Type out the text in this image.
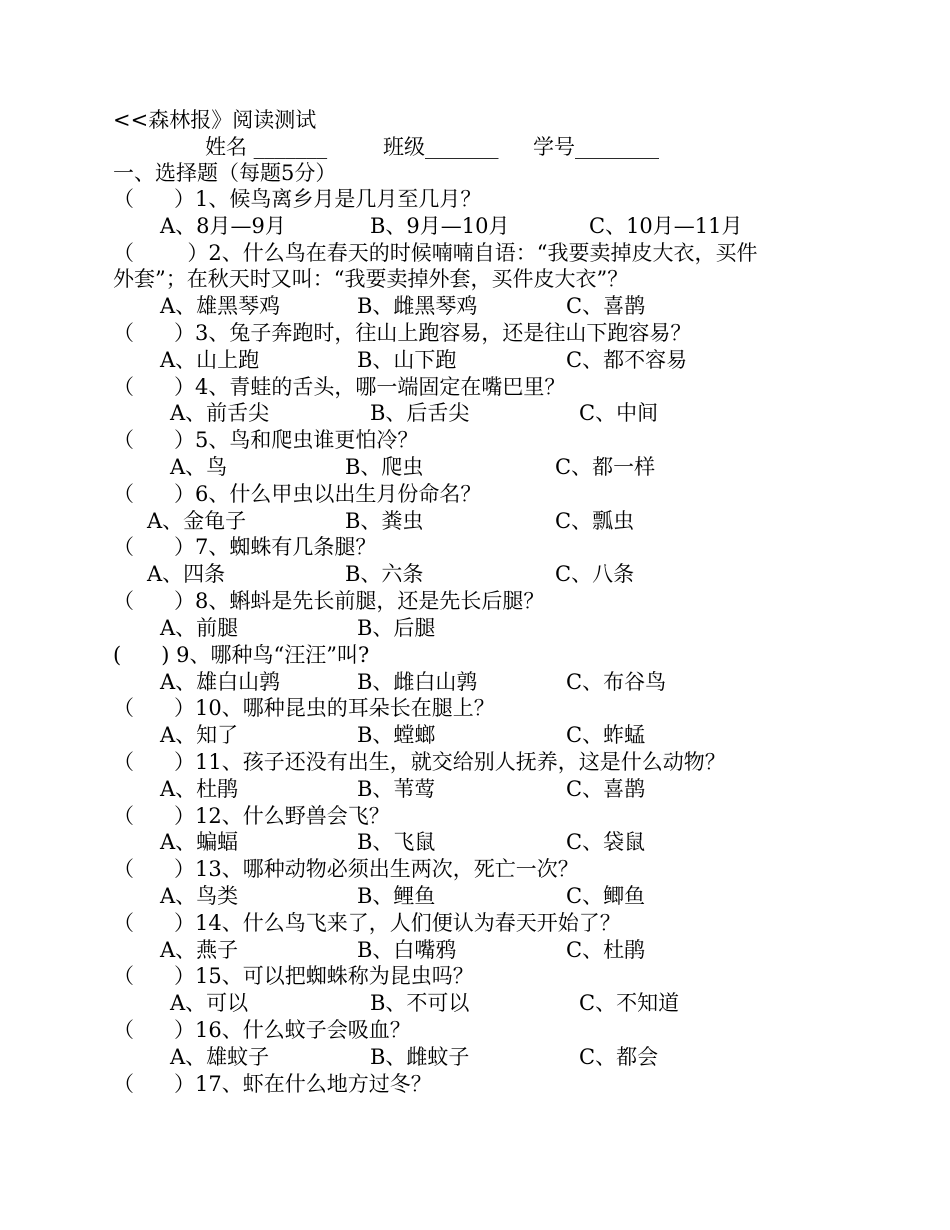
<<森林报》阅读测试
姓名 _______	班级_______ 学号________
一、选择题（每题5分）
（      ）1、候鸟离乡月是几月至几月？
A、8月—9月	B、9月—10月	C、10月—11月
（        ）2、什么鸟在春天的时候喃喃自语：“我要卖掉皮大衣，买件
外套”；在秋天时又叫：“我要卖掉外套，买件皮大衣”？
A、雄黑琴鸡	B、雌黑琴鸡	C、喜鹊
（      ）3、兔子奔跑时，往山上跑容易，还是往山下跑容易？
A、山上跑	B、山下跑	C、都不容易
（      ）4、青蛙的舌头，哪一端固定在嘴巴里？
A、前舌尖	B、后舌尖	C、中间
（      ）5、鸟和爬虫谁更怕冷？
A、鸟	B、爬虫	C、都一样
（      ）6、什么甲虫以出生月份命名？
A、金龟子	B、粪虫	C、瓢虫
（      ）7、蜘蛛有几条腿？
A、四条	B、六条	C、八条
（      ）8、蝌蚪是先长前腿，还是先长后腿？
A、前腿	B、后腿
(      ) 9、哪种鸟“汪汪”叫?
A、雄白山鹑	B、雌白山鹑	C、布谷鸟
（      ）10、哪种昆虫的耳朵长在腿上？
A、知了	B、螳螂	C、蚱蜢
（      ）11、孩子还没有出生，就交给别人抚养，这是什么动物？
A、杜鹃	B、苇莺	C、喜鹊
（      ）12、什么野兽会飞？
A、蝙蝠	B、飞鼠	C、袋鼠
（      ）13、哪种动物必须出生两次，死亡一次？
A、鸟类	B、鲤鱼	C、鲫鱼
（      ）14、什么鸟飞来了，人们便认为春天开始了？
A、燕子	B、白嘴鸦	C、杜鹃
（      ）15、可以把蜘蛛称为昆虫吗？
A、可以	B、不可以	C、不知道
（      ）16、什么蚊子会吸血？
A、雄蚊子	B、雌蚊子	C、都会
（      ）17、虾在什么地方过冬？
